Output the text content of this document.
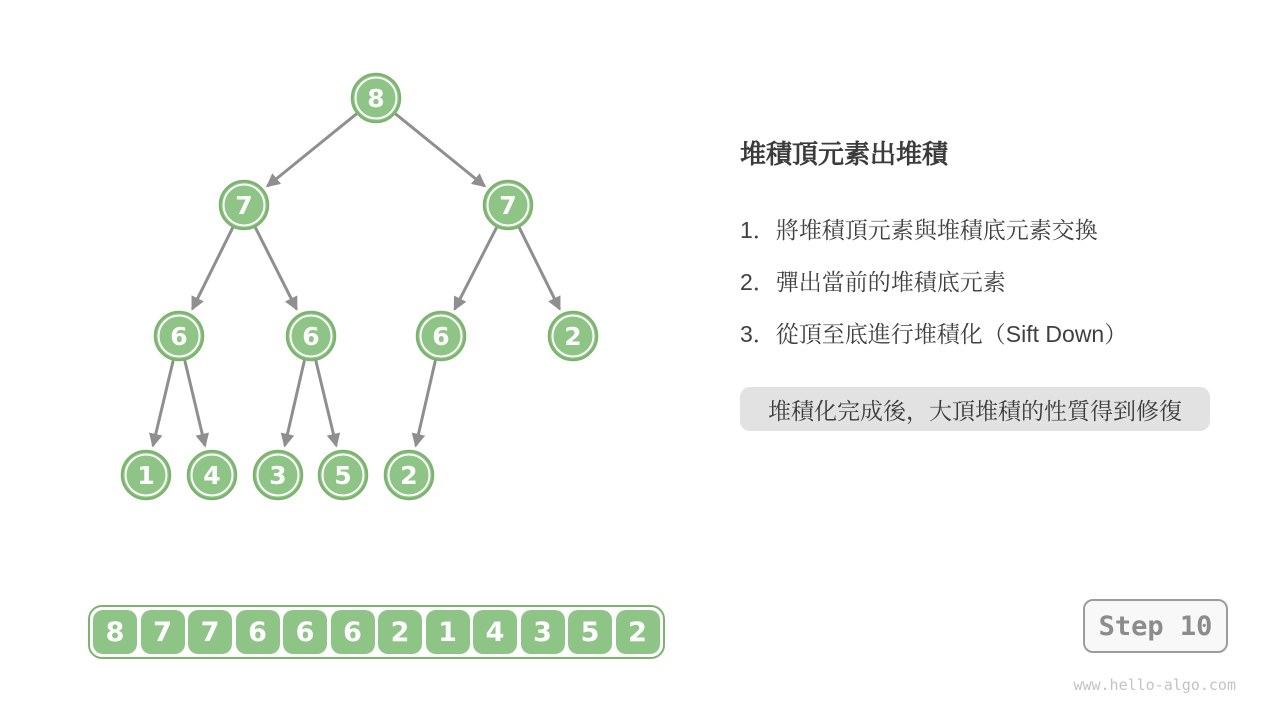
8
7	7
6	6	6	2
1 4 3 5 2
堆積頂元素出堆積
1．將堆積頂元素與堆積底元素交換
2．彈出當前的堆積底元素
3．從頂至底進行堆積化（Sift Down）
堆積化完成後，大頂堆積的性質得到修復
8	7	7	6	6	6	2	1	4	3	5	2	Step 10
www.hello-algo.com
